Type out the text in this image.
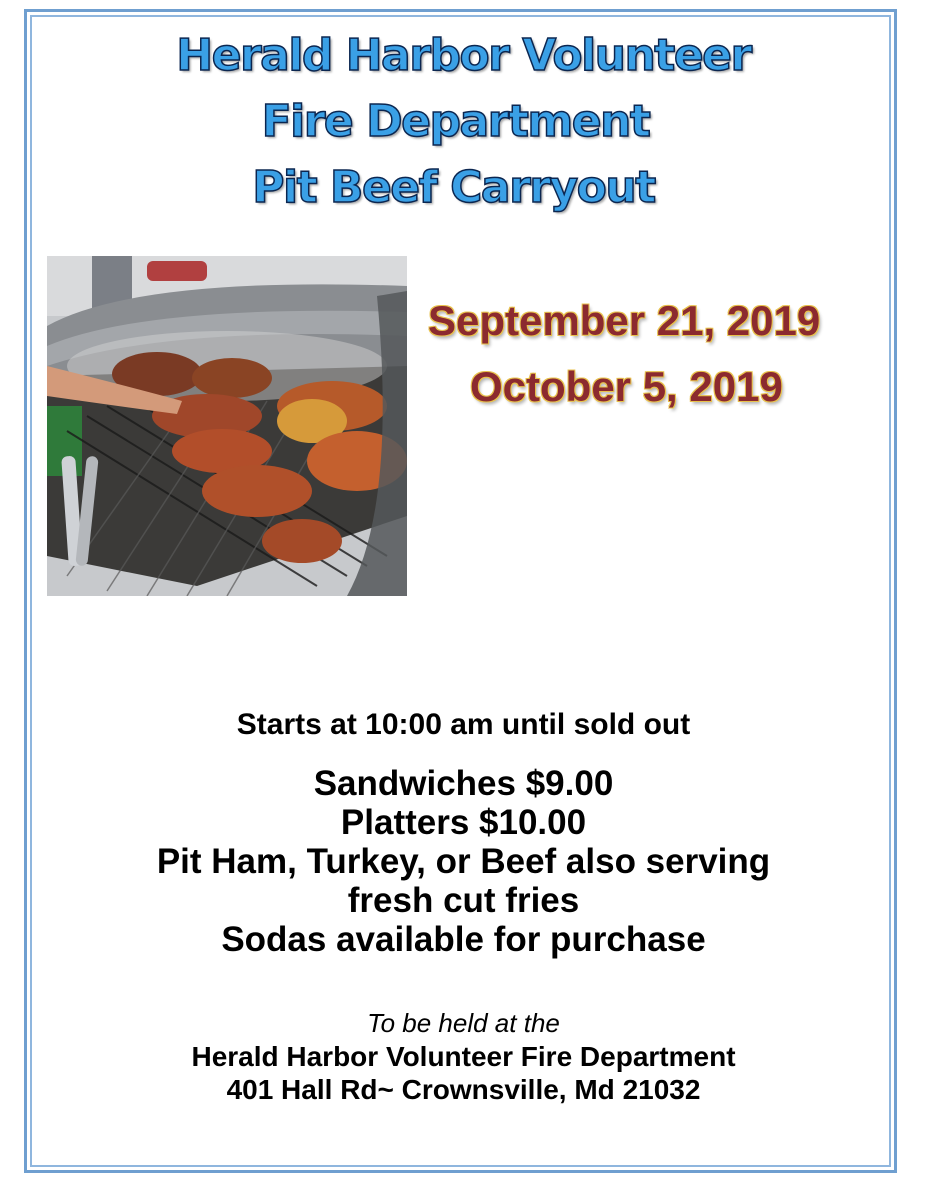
Herald Harbor Volunteer
Fire Department
Pit Beef Carryout
September 21, 2019
October 5, 2019
Starts at 10:00 am until sold out
Sandwiches $9.00
Platters $10.00
Pit Ham, Turkey, or Beef also serving
fresh cut fries
Sodas available for purchase
To be held at the
Herald Harbor Volunteer Fire Department
401 Hall Rd~ Crownsville, Md 21032
